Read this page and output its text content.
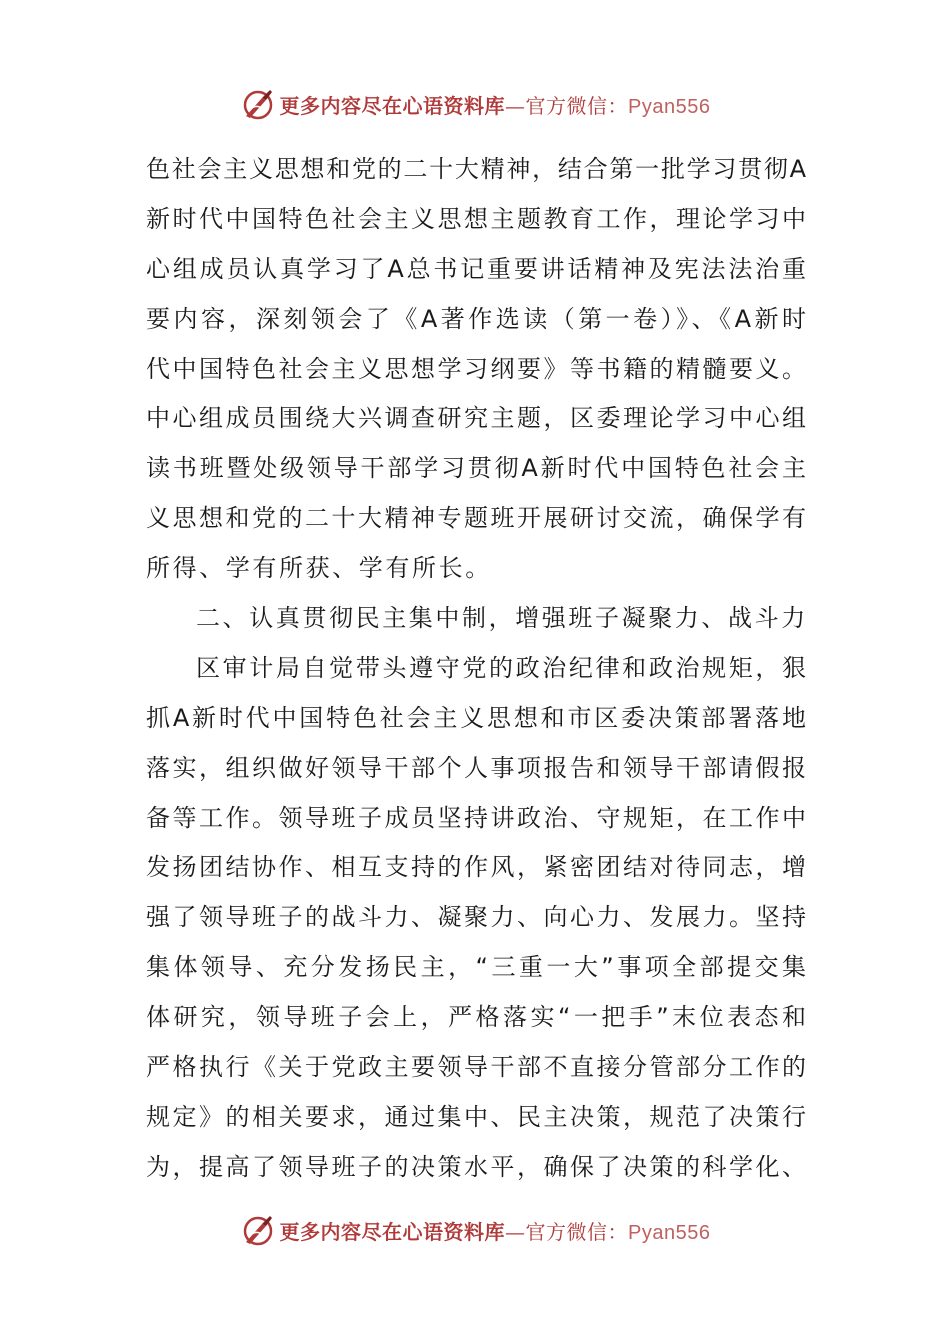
更多内容尽在心语资料库—官方微信：Pyan556
色社会主义思想和党的二十大精神，结合第一批学习贯彻A
新时代中国特色社会主义思想主题教育工作，理论学习中
心组成员认真学习了A总书记重要讲话精神及宪法法治重
要内容，深刻领会了《A著作选读（第一卷）》、《A新时
代中国特色社会主义思想学习纲要》等书籍的精髓要义。
中心组成员围绕大兴调查研究主题，区委理论学习中心组
读书班暨处级领导干部学习贯彻A新时代中国特色社会主
义思想和党的二十大精神专题班开展研讨交流，确保学有
所得、学有所获、学有所长。
二、认真贯彻民主集中制，增强班子凝聚力、战斗力
区审计局自觉带头遵守党的政治纪律和政治规矩，狠
抓A新时代中国特色社会主义思想和市区委决策部署落地
落实，组织做好领导干部个人事项报告和领导干部请假报
备等工作。领导班子成员坚持讲政治、守规矩，在工作中
发扬团结协作、相互支持的作风，紧密团结对待同志，增
强了领导班子的战斗力、凝聚力、向心力、发展力。坚持
集体领导、充分发扬民主，“三重一大”事项全部提交集
体研究，领导班子会上，严格落实“一把手”末位表态和
严格执行《关于党政主要领导干部不直接分管部分工作的
规定》的相关要求，通过集中、民主决策，规范了决策行
为，提高了领导班子的决策水平，确保了决策的科学化、
更多内容尽在心语资料库—官方微信：Pyan556
